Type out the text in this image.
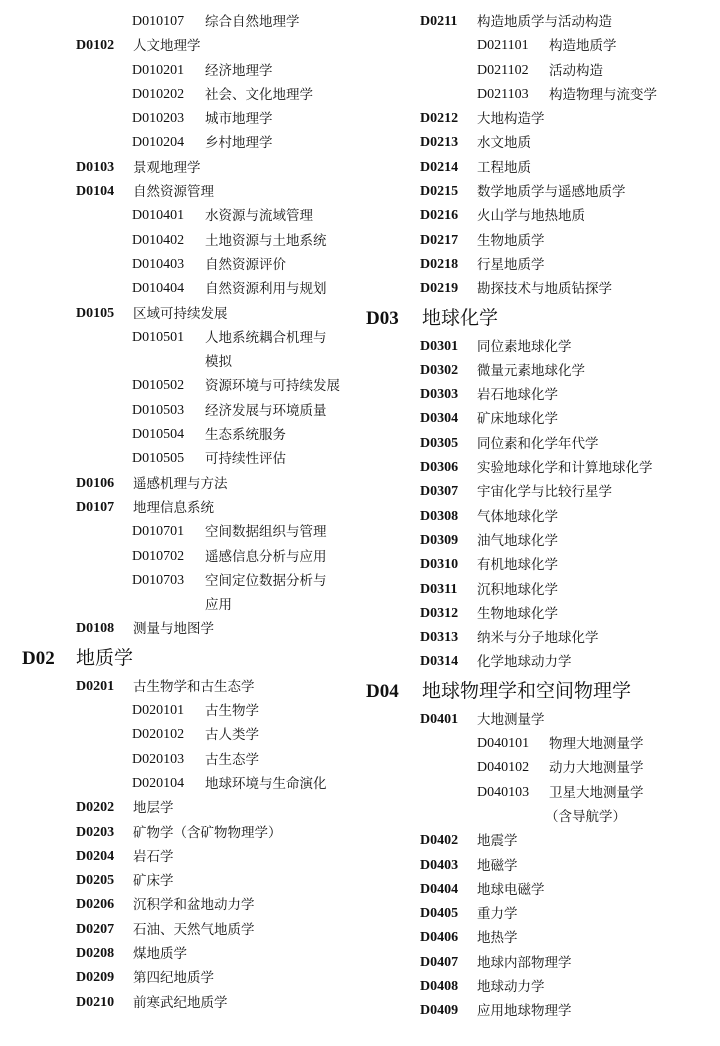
D010107 综合自然地理学
D0102 人文地理学
D010201 经济地理学
D010202 社会、文化地理学
D010203 城市地理学
D010204 乡村地理学
D0103 景观地理学
D0104 自然资源管理
D010401 水资源与流域管理
D010402 土地资源与土地系统
D010403 自然资源评价
D010404 自然资源利用与规划
D0105 区域可持续发展
D010501 人地系统耦合机理与
模拟
D010502 资源环境与可持续发展
D010503 经济发展与环境质量
D010504 生态系统服务
D010505 可持续性评估
D0106 遥感机理与方法
D0107 地理信息系统
D010701 空间数据组织与管理
D010702 遥感信息分析与应用
D010703 空间定位数据分析与
应用
D0108 测量与地图学
D02 地质学
D0201 古生物学和古生态学
D020101 古生物学
D020102 古人类学
D020103 古生态学
D020104 地球环境与生命演化
D0202 地层学
D0203 矿物学（含矿物物理学）
D0204 岩石学
D0205 矿床学
D0206 沉积学和盆地动力学
D0207 石油、天然气地质学
D0208 煤地质学
D0209 第四纪地质学
D0210 前寒武纪地质学
D0211 构造地质学与活动构造
D021101 构造地质学
D021102 活动构造
D021103 构造物理与流变学
D0212 大地构造学
D0213 水文地质
D0214 工程地质
D0215 数学地质学与遥感地质学
D0216 火山学与地热地质
D0217 生物地质学
D0218 行星地质学
D0219 勘探技术与地质钻探学
D03 地球化学
D0301 同位素地球化学
D0302 微量元素地球化学
D0303 岩石地球化学
D0304 矿床地球化学
D0305 同位素和化学年代学
D0306 实验地球化学和计算地球化学
D0307 宇宙化学与比较行星学
D0308 气体地球化学
D0309 油气地球化学
D0310 有机地球化学
D0311 沉积地球化学
D0312 生物地球化学
D0313 纳米与分子地球化学
D0314 化学地球动力学
D04 地球物理学和空间物理学
D0401 大地测量学
D040101 物理大地测量学
D040102 动力大地测量学
D040103 卫星大地测量学
（含导航学）
D0402 地震学
D0403 地磁学
D0404 地球电磁学
D0405 重力学
D0406 地热学
D0407 地球内部物理学
D0408 地球动力学
D0409 应用地球物理学
